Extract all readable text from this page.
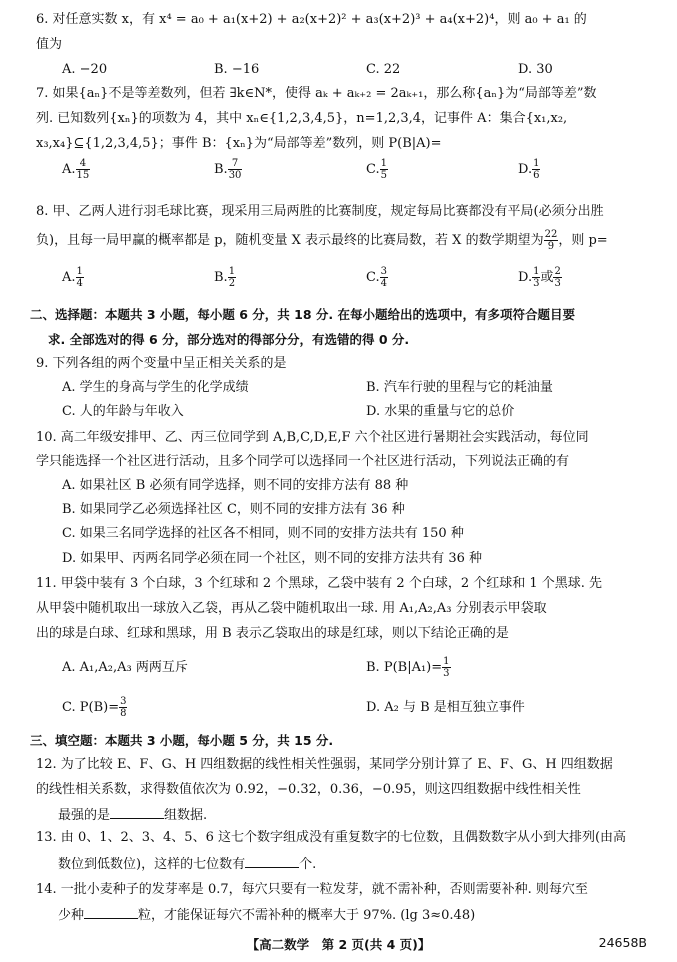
6. 对任意实数 x，有 x⁴ = a₀ + a₁(x+2) + a₂(x+2)² + a₃(x+2)³ + a₄(x+2)⁴，则 a₀ + a₁ 的
值为
A. −20	B. −16	C. 22	D. 30
7. 如果{aₙ}不是等差数列，但若 ∃k∈N*，使得 aₖ + aₖ₊₂ = 2aₖ₊₁，那么称{aₙ}为“局部等差”数
列. 已知数列{xₙ}的项数为 4，其中 xₙ∈{1,2,3,4,5}，n=1,2,3,4，记事件 A：集合{x₁,x₂,
x₃,x₄}⊆{1,2,3,4,5}；事件 B：{xₙ}为“局部等差”数列，则 P(B|A)=
A. $\frac{4}{15}$	B. $\frac{7}{30}$	C. $\frac{1}{5}$	D. $\frac{1}{6}$
8. 甲、乙两人进行羽毛球比赛，现采用三局两胜的比赛制度，规定每局比赛都没有平局(必须分出胜
负)，且每一局甲赢的概率都是 p，随机变量 X 表示最终的比赛局数，若 X 的数学期望为 $\frac{22}{9}$ ，则 p=
A. $\frac{1}{4}$	B. $\frac{1}{2}$	C. $\frac{3}{4}$	D. $\frac{1}{3}$ 或 $\frac{2}{3}$
二、选择题：本题共 3 小题，每小题 6 分，共 18 分. 在每小题给出的选项中，有多项符合题目要
求. 全部选对的得 6 分，部分选对的得部分分，有选错的得 0 分.
9. 下列各组的两个变量中呈正相关关系的是
A. 学生的身高与学生的化学成绩	B. 汽车行驶的里程与它的耗油量
C. 人的年龄与年收入	D. 水果的重量与它的总价
10. 高二年级安排甲、乙、丙三位同学到 A,B,C,D,E,F 六个社区进行暑期社会实践活动，每位同
学只能选择一个社区进行活动，且多个同学可以选择同一个社区进行活动，下列说法正确的有
A. 如果社区 B 必须有同学选择，则不同的安排方法有 88 种
B. 如果同学乙必须选择社区 C，则不同的安排方法有 36 种
C. 如果三名同学选择的社区各不相同，则不同的安排方法共有 150 种
D. 如果甲、丙两名同学必须在同一个社区，则不同的安排方法共有 36 种
11. 甲袋中装有 3 个白球，3 个红球和 2 个黑球，乙袋中装有 2 个白球，2 个红球和 1 个黑球. 先
从甲袋中随机取出一球放入乙袋，再从乙袋中随机取出一球. 用 A₁,A₂,A₃ 分别表示甲袋取
出的球是白球、红球和黑球，用 B 表示乙袋取出的球是红球，则以下结论正确的是
A. A₁,A₂,A₃ 两两互斥	B. $P(B|A_1)= \frac{1}{3}$
C. $P(B)= \frac{3}{8}$	D. A₂ 与 B 是相互独立事件
三、填空题：本题共 3 小题，每小题 5 分，共 15 分.
12. 为了比较 E、F、G、H 四组数据的线性相关性强弱，某同学分别计算了 E、F、G、H 四组数据
的线性相关系数，求得数值依次为 0.92，−0.32，0.36，−0.95，则这四组数据中线性相关性
最强的是	组数据.
13. 由 0、1、2、3、4、5、6 这七个数字组成没有重复数字的七位数，且偶数数字从小到大排列(由高
数位到低数位)，这样的七位数有	个.
14. 一批小麦种子的发芽率是 0.7，每穴只要有一粒发芽，就不需补种，否则需要补种. 则每穴至
少种	粒，才能保证每穴不需补种的概率大于 97%. (lg 3≈0.48)
【高二数学　第 2 页(共 4 页)】	24658B
